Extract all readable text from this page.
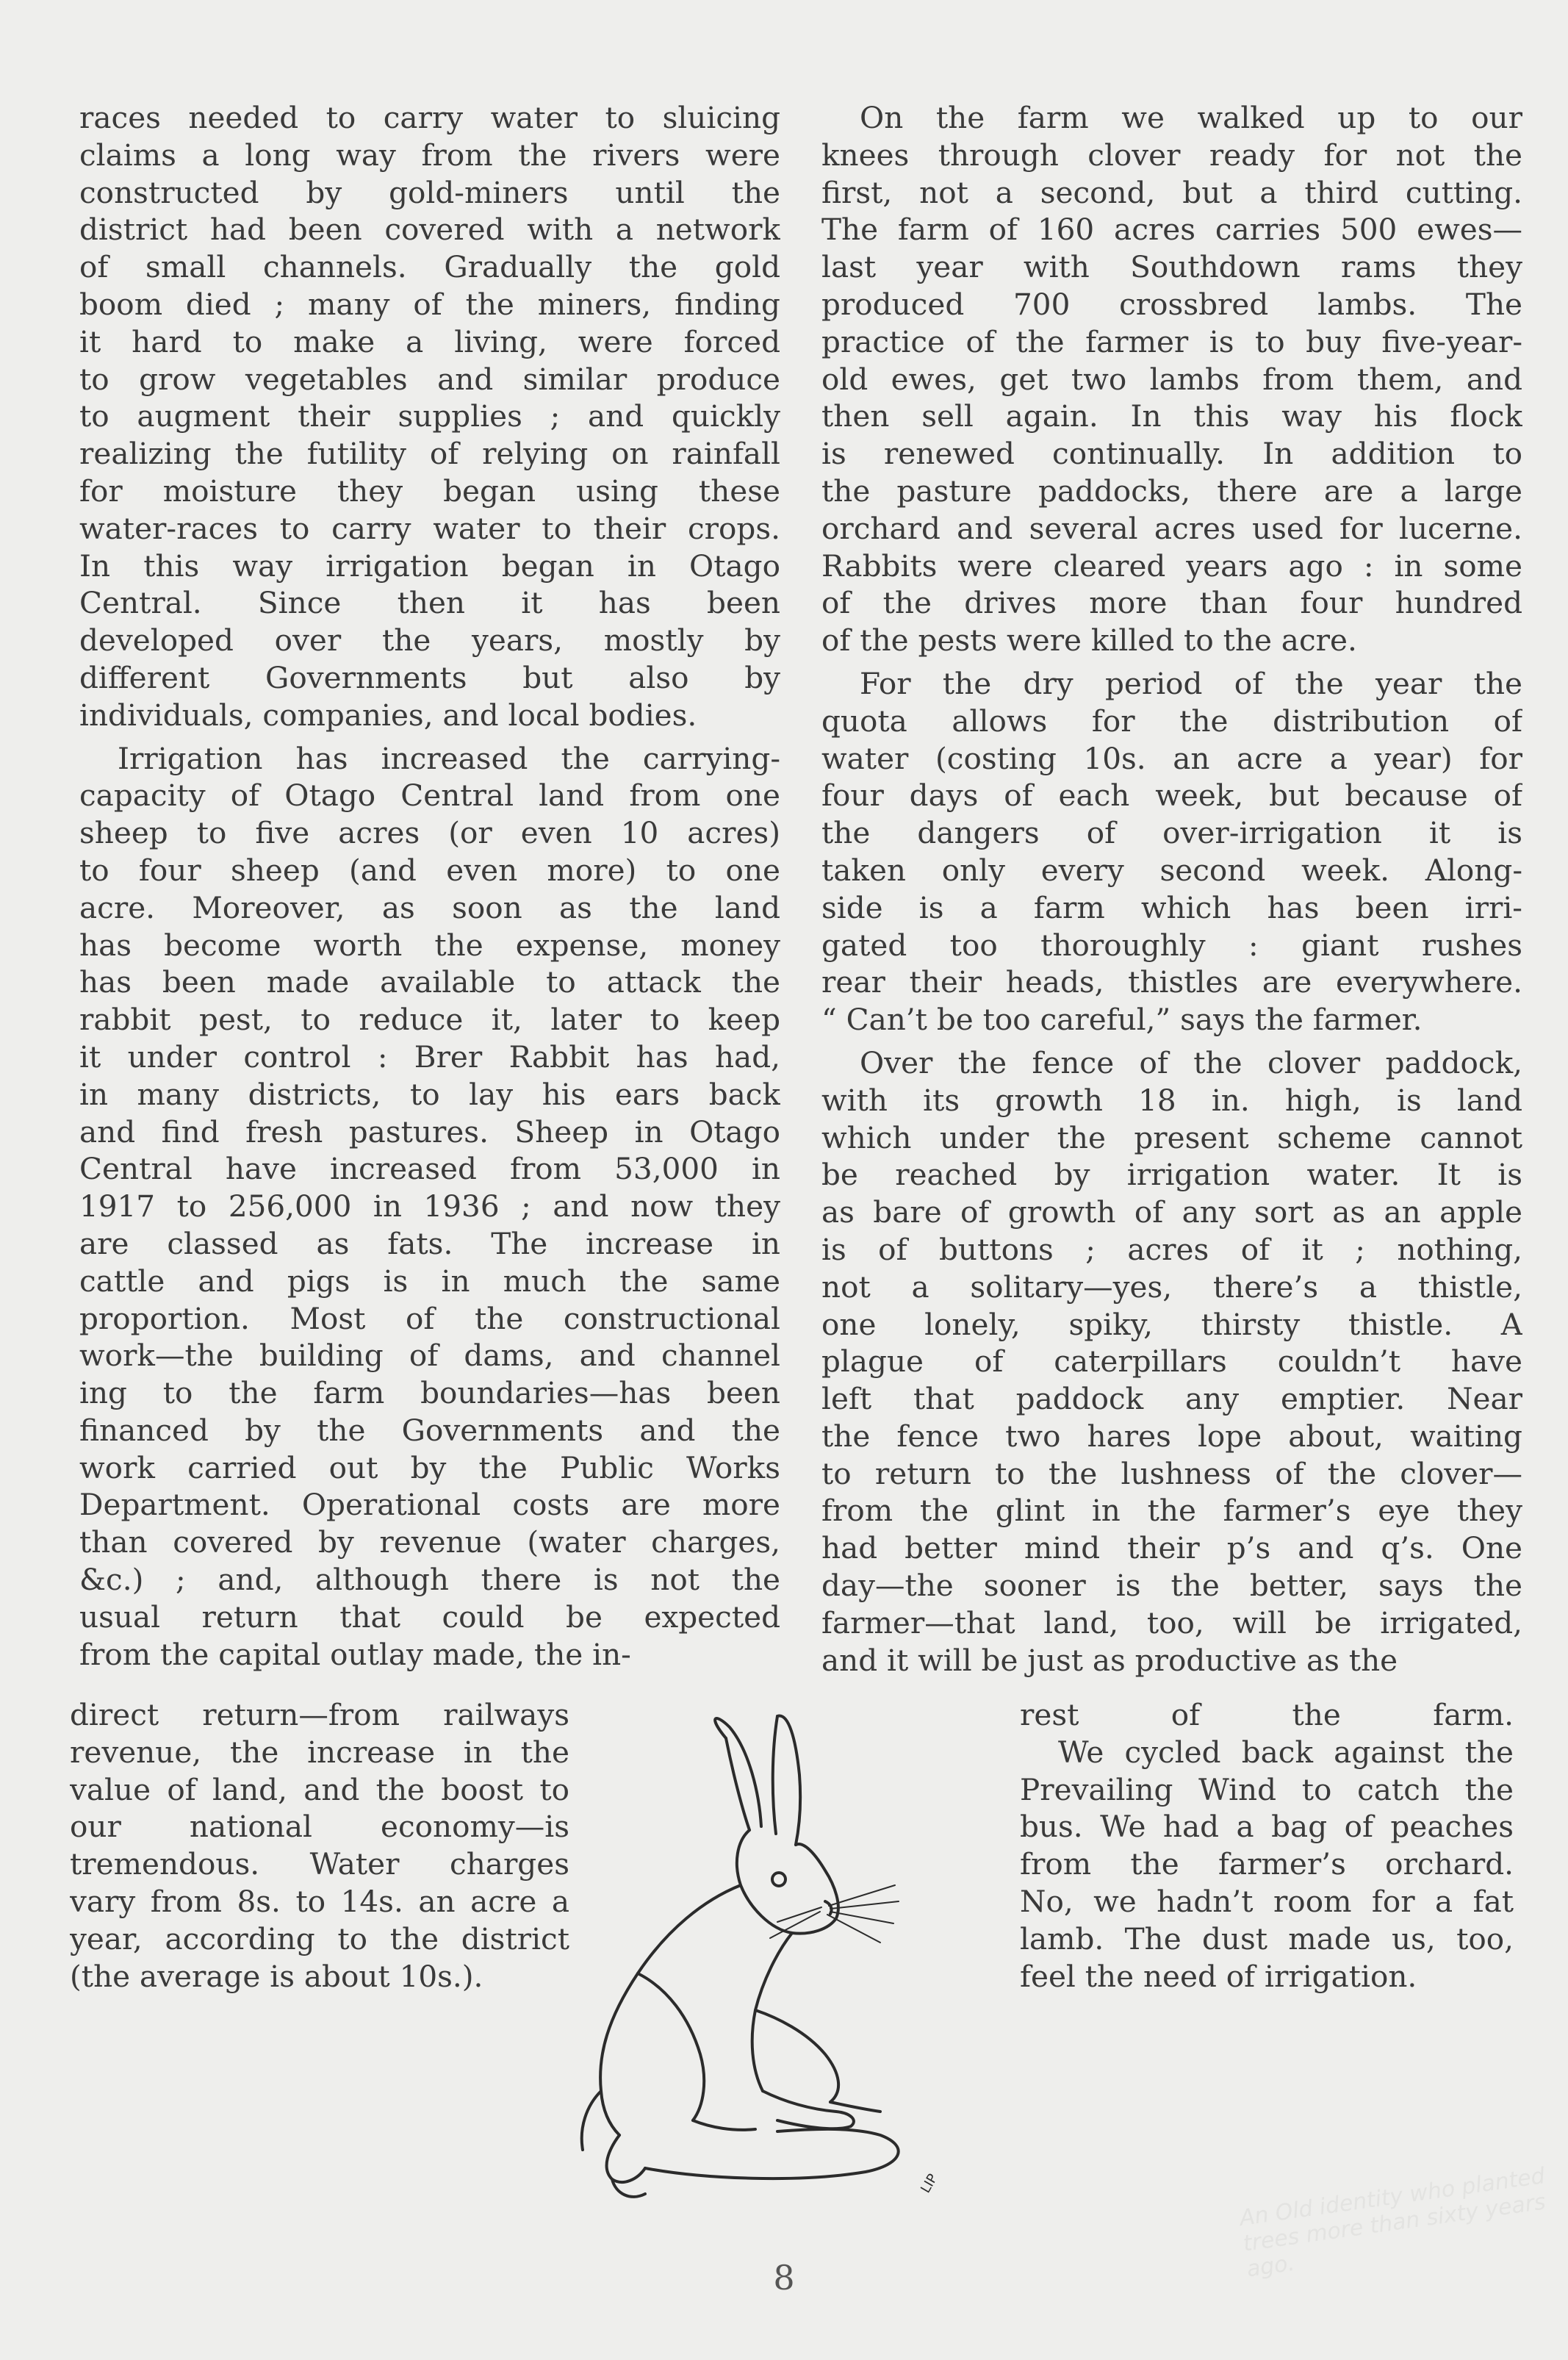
races needed to carry water to sluicing
claims a long way from the rivers were
constructed by gold-miners until the
district had been covered with a network
of small channels. Gradually the gold
boom died ; many of the miners, finding
it hard to make a living, were forced
to grow vegetables and similar produce
to augment their supplies ; and quickly
realizing the futility of relying on rainfall
for moisture they began using these
water-races to carry water to their crops.
In this way irrigation began in Otago
Central. Since then it has been
developed over the years, mostly by
different Governments but also by
individuals, companies, and local bodies.

Irrigation has increased the carrying-
capacity of Otago Central land from one
sheep to five acres (or even 10 acres)
to four sheep (and even more) to one
acre. Moreover, as soon as the land
has become worth the expense, money
has been made available to attack the
rabbit pest, to reduce it, later to keep
it under control : Brer Rabbit has had,
in many districts, to lay his ears back
and find fresh pastures. Sheep in Otago
Central have increased from 53,000 in
1917 to 256,000 in 1936 ; and now they
are classed as fats. The increase in
cattle and pigs is in much the same
proportion. Most of the constructional
work—the building of dams, and channel
ing to the farm boundaries—has been
financed by the Governments and the
work carried out by the Public Works
Department. Operational costs are more
than covered by revenue (water charges,
&c.) ; and, although there is not the
usual return that could be expected
from the capital outlay made, the in-

direct return—from railways
revenue, the increase in the
value of land, and the boost to
our national economy—is
tremendous. Water charges
vary from 8s. to 14s. an acre a
year, according to the district
(the average is about 10s.).

On the farm we walked up to our
knees through clover ready for not the
first, not a second, but a third cutting.
The farm of 160 acres carries 500 ewes—
last year with Southdown rams they
produced 700 crossbred lambs. The
practice of the farmer is to buy five-year-
old ewes, get two lambs from them, and
then sell again. In this way his flock
is renewed continually. In addition to
the pasture paddocks, there are a large
orchard and several acres used for lucerne.
Rabbits were cleared years ago : in some
of the drives more than four hundred
of the pests were killed to the acre.

For the dry period of the year the
quota allows for the distribution of
water (costing 10s. an acre a year) for
four days of each week, but because of
the dangers of over-irrigation it is
taken only every second week. Along-
side is a farm which has been irri-
gated too thoroughly : giant rushes
rear their heads, thistles are everywhere.
“ Can’t be too careful,” says the farmer.

Over the fence of the clover paddock,
with its growth 18 in. high, is land
which under the present scheme cannot
be reached by irrigation water. It is
as bare of growth of any sort as an apple
is of buttons ; acres of it ; nothing,
not a solitary—yes, there’s a thistle,
one lonely, spiky, thirsty thistle. A
plague of caterpillars couldn’t have
left that paddock any emptier. Near
the fence two hares lope about, waiting
to return to the lushness of the clover—
from the glint in the farmer’s eye they
had better mind their p’s and q’s. One
day—the sooner is the better, says the
farmer—that land, too, will be irrigated,
and it will be just as productive as the

rest of the farm.
We cycled back against the
Prevailing Wind to catch the
bus. We had a bag of peaches
from the farmer’s orchard.
No, we hadn’t room for a fat
lamb. The dust made us, too,
feel the need of irrigation.
LIP	An Old identity who planted trees more than sixty years ago.
8
